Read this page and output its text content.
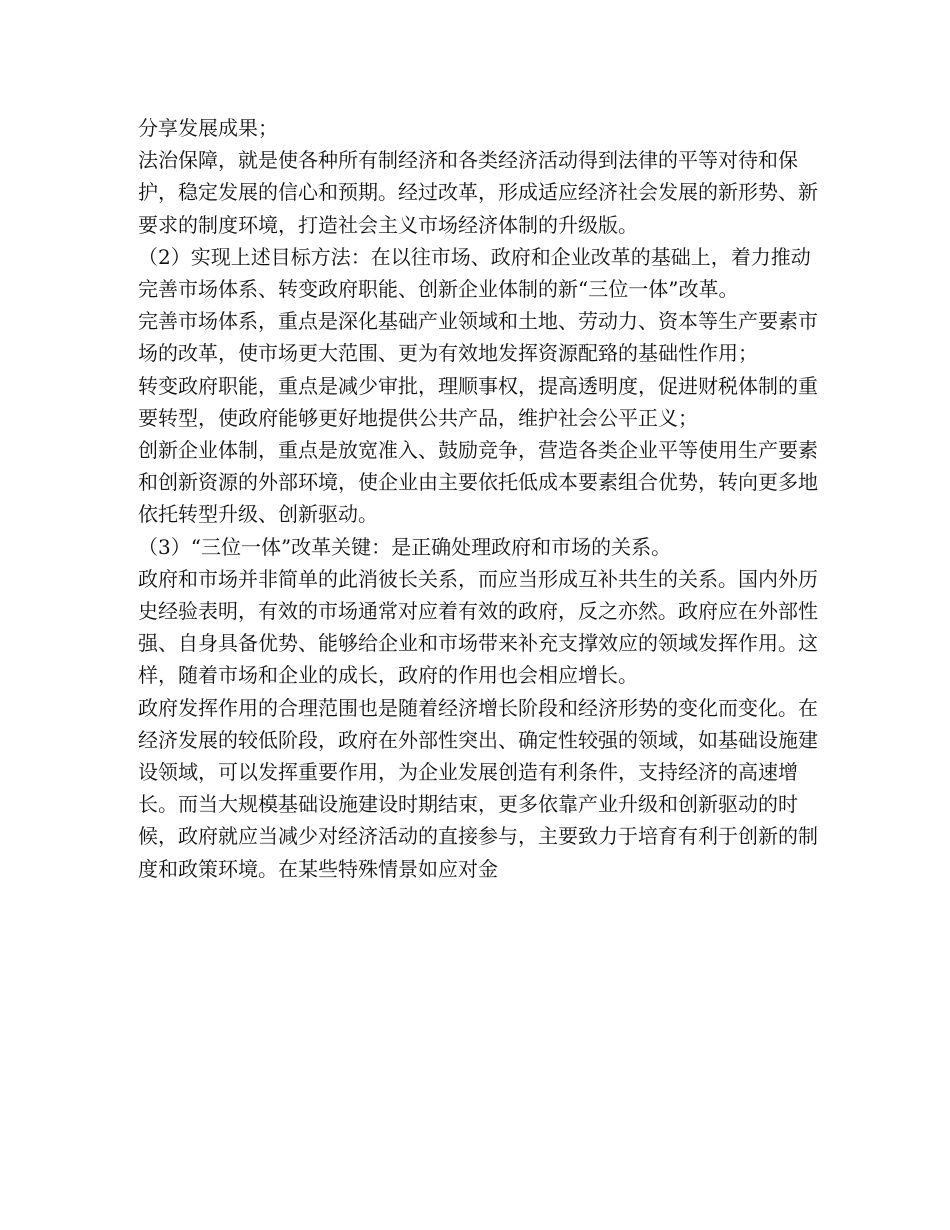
分享发展成果；

法治保障，就是使各种所有制经济和各类经济活动得到法律的平等对待和保护，稳定发展的信心和预期。经过改革，形成适应经济社会发展的新形势、新要求的制度环境，打造社会主义市场经济体制的升级版。

（2）实现上述目标方法：在以往市场、政府和企业改革的基础上，着力推动完善市场体系、转变政府职能、创新企业体制的新“三位一体”改革。

完善市场体系，重点是深化基础产业领域和土地、劳动力、资本等生产要素市场的改革，使市场更大范围、更为有效地发挥资源配臵的基础性作用；

转变政府职能，重点是减少审批，理顺事权，提高透明度，促进财税体制的重要转型，使政府能够更好地提供公共产品，维护社会公平正义；

创新企业体制，重点是放宽准入、鼓励竞争，营造各类企业平等使用生产要素和创新资源的外部环境，使企业由主要依托低成本要素组合优势，转向更多地依托转型升级、创新驱动。

（3）“三位一体”改革关键：是正确处理政府和市场的关系。

政府和市场并非简单的此消彼长关系，而应当形成互补共生的关系。国内外历史经验表明，有效的市场通常对应着有效的政府，反之亦然。政府应在外部性强、自身具备优势、能够给企业和市场带来补充支撑效应的领域发挥作用。这样，随着市场和企业的成长，政府的作用也会相应增长。

政府发挥作用的合理范围也是随着经济增长阶段和经济形势的变化而变化。在经济发展的较低阶段，政府在外部性突出、确定性较强的领域，如基础设施建设领域，可以发挥重要作用，为企业发展创造有利条件，支持经济的高速增长。而当大规模基础设施建设时期结束，更多依靠产业升级和创新驱动的时候，政府就应当减少对经济活动的直接参与，主要致力于培育有利于创新的制度和政策环境。在某些特殊情景如应对金
